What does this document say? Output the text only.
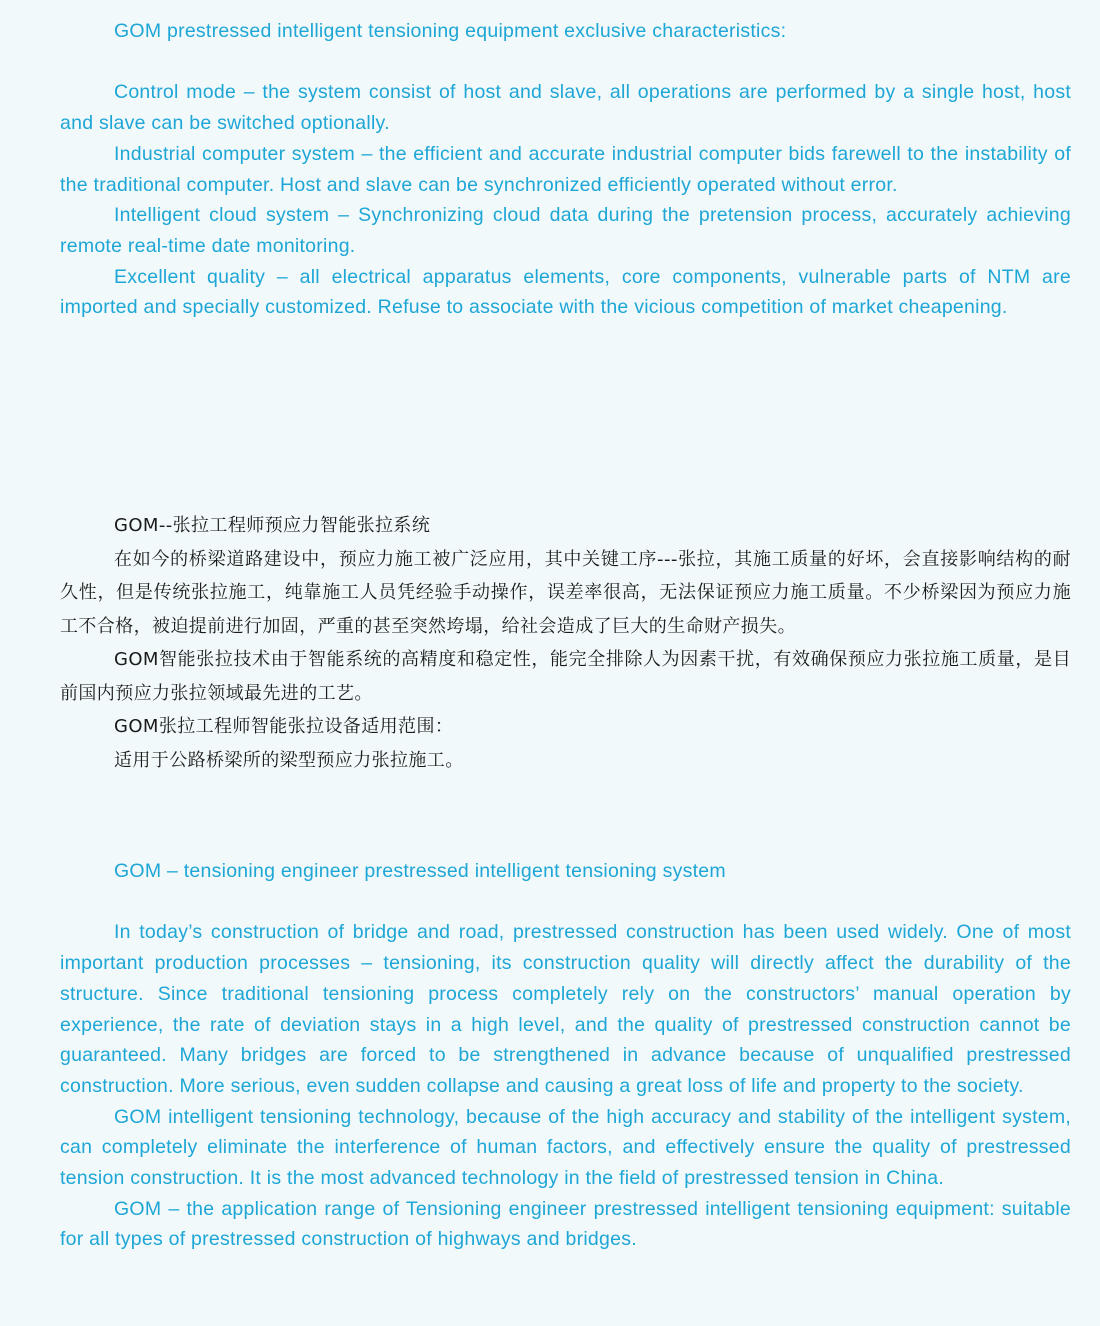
GOM prestressed intelligent tensioning equipment exclusive characteristics:

Control mode – the system consist of host and slave, all operations are performed by a single host, host and slave can be switched optionally.

Industrial computer system – the efficient and accurate industrial computer bids farewell to the instability of the traditional computer. Host and slave can be synchronized efficiently operated without error.

Intelligent cloud system – Synchronizing cloud data during the pretension process, accurately achieving remote real-time date monitoring.

Excellent quality – all electrical apparatus elements, core components, vulnerable parts of NTM are imported and specially customized. Refuse to associate with the vicious competition of market cheapening.

GOM--张拉工程师预应力智能张拉系统

在如今的桥梁道路建设中，预应力施工被广泛应用，其中关键工序---张拉，其施工质量的好坏，会直接影响结构的耐久性，但是传统张拉施工，纯靠施工人员凭经验手动操作，误差率很高，无法保证预应力施工质量。不少桥梁因为预应力施工不合格，被迫提前进行加固，严重的甚至突然垮塌，给社会造成了巨大的生命财产损失。

GOM智能张拉技术由于智能系统的高精度和稳定性，能完全排除人为因素干扰，有效确保预应力张拉施工质量，是目前国内预应力张拉领域最先进的工艺。

GOM张拉工程师智能张拉设备适用范围：

适用于公路桥梁所的梁型预应力张拉施工。

GOM – tensioning engineer prestressed intelligent tensioning system

In today’s construction of bridge and road, prestressed construction has been used widely. One of most important production processes – tensioning, its construction quality will directly affect the durability of the structure. Since traditional tensioning process completely rely on the constructors’ manual operation by experience, the rate of deviation stays in a high level, and the quality of prestressed construction cannot be guaranteed. Many bridges are forced to be strengthened in advance because of unqualified prestressed construction. More serious, even sudden collapse and causing a great loss of life and property to the society.

GOM intelligent tensioning technology, because of the high accuracy and stability of the intelligent system, can completely eliminate the interference of human factors, and effectively ensure the quality of prestressed tension construction. It is the most advanced technology in the field of prestressed tension in China.

GOM – the application range of Tensioning engineer prestressed intelligent tensioning equipment: suitable for all types of prestressed construction of highways and bridges.
